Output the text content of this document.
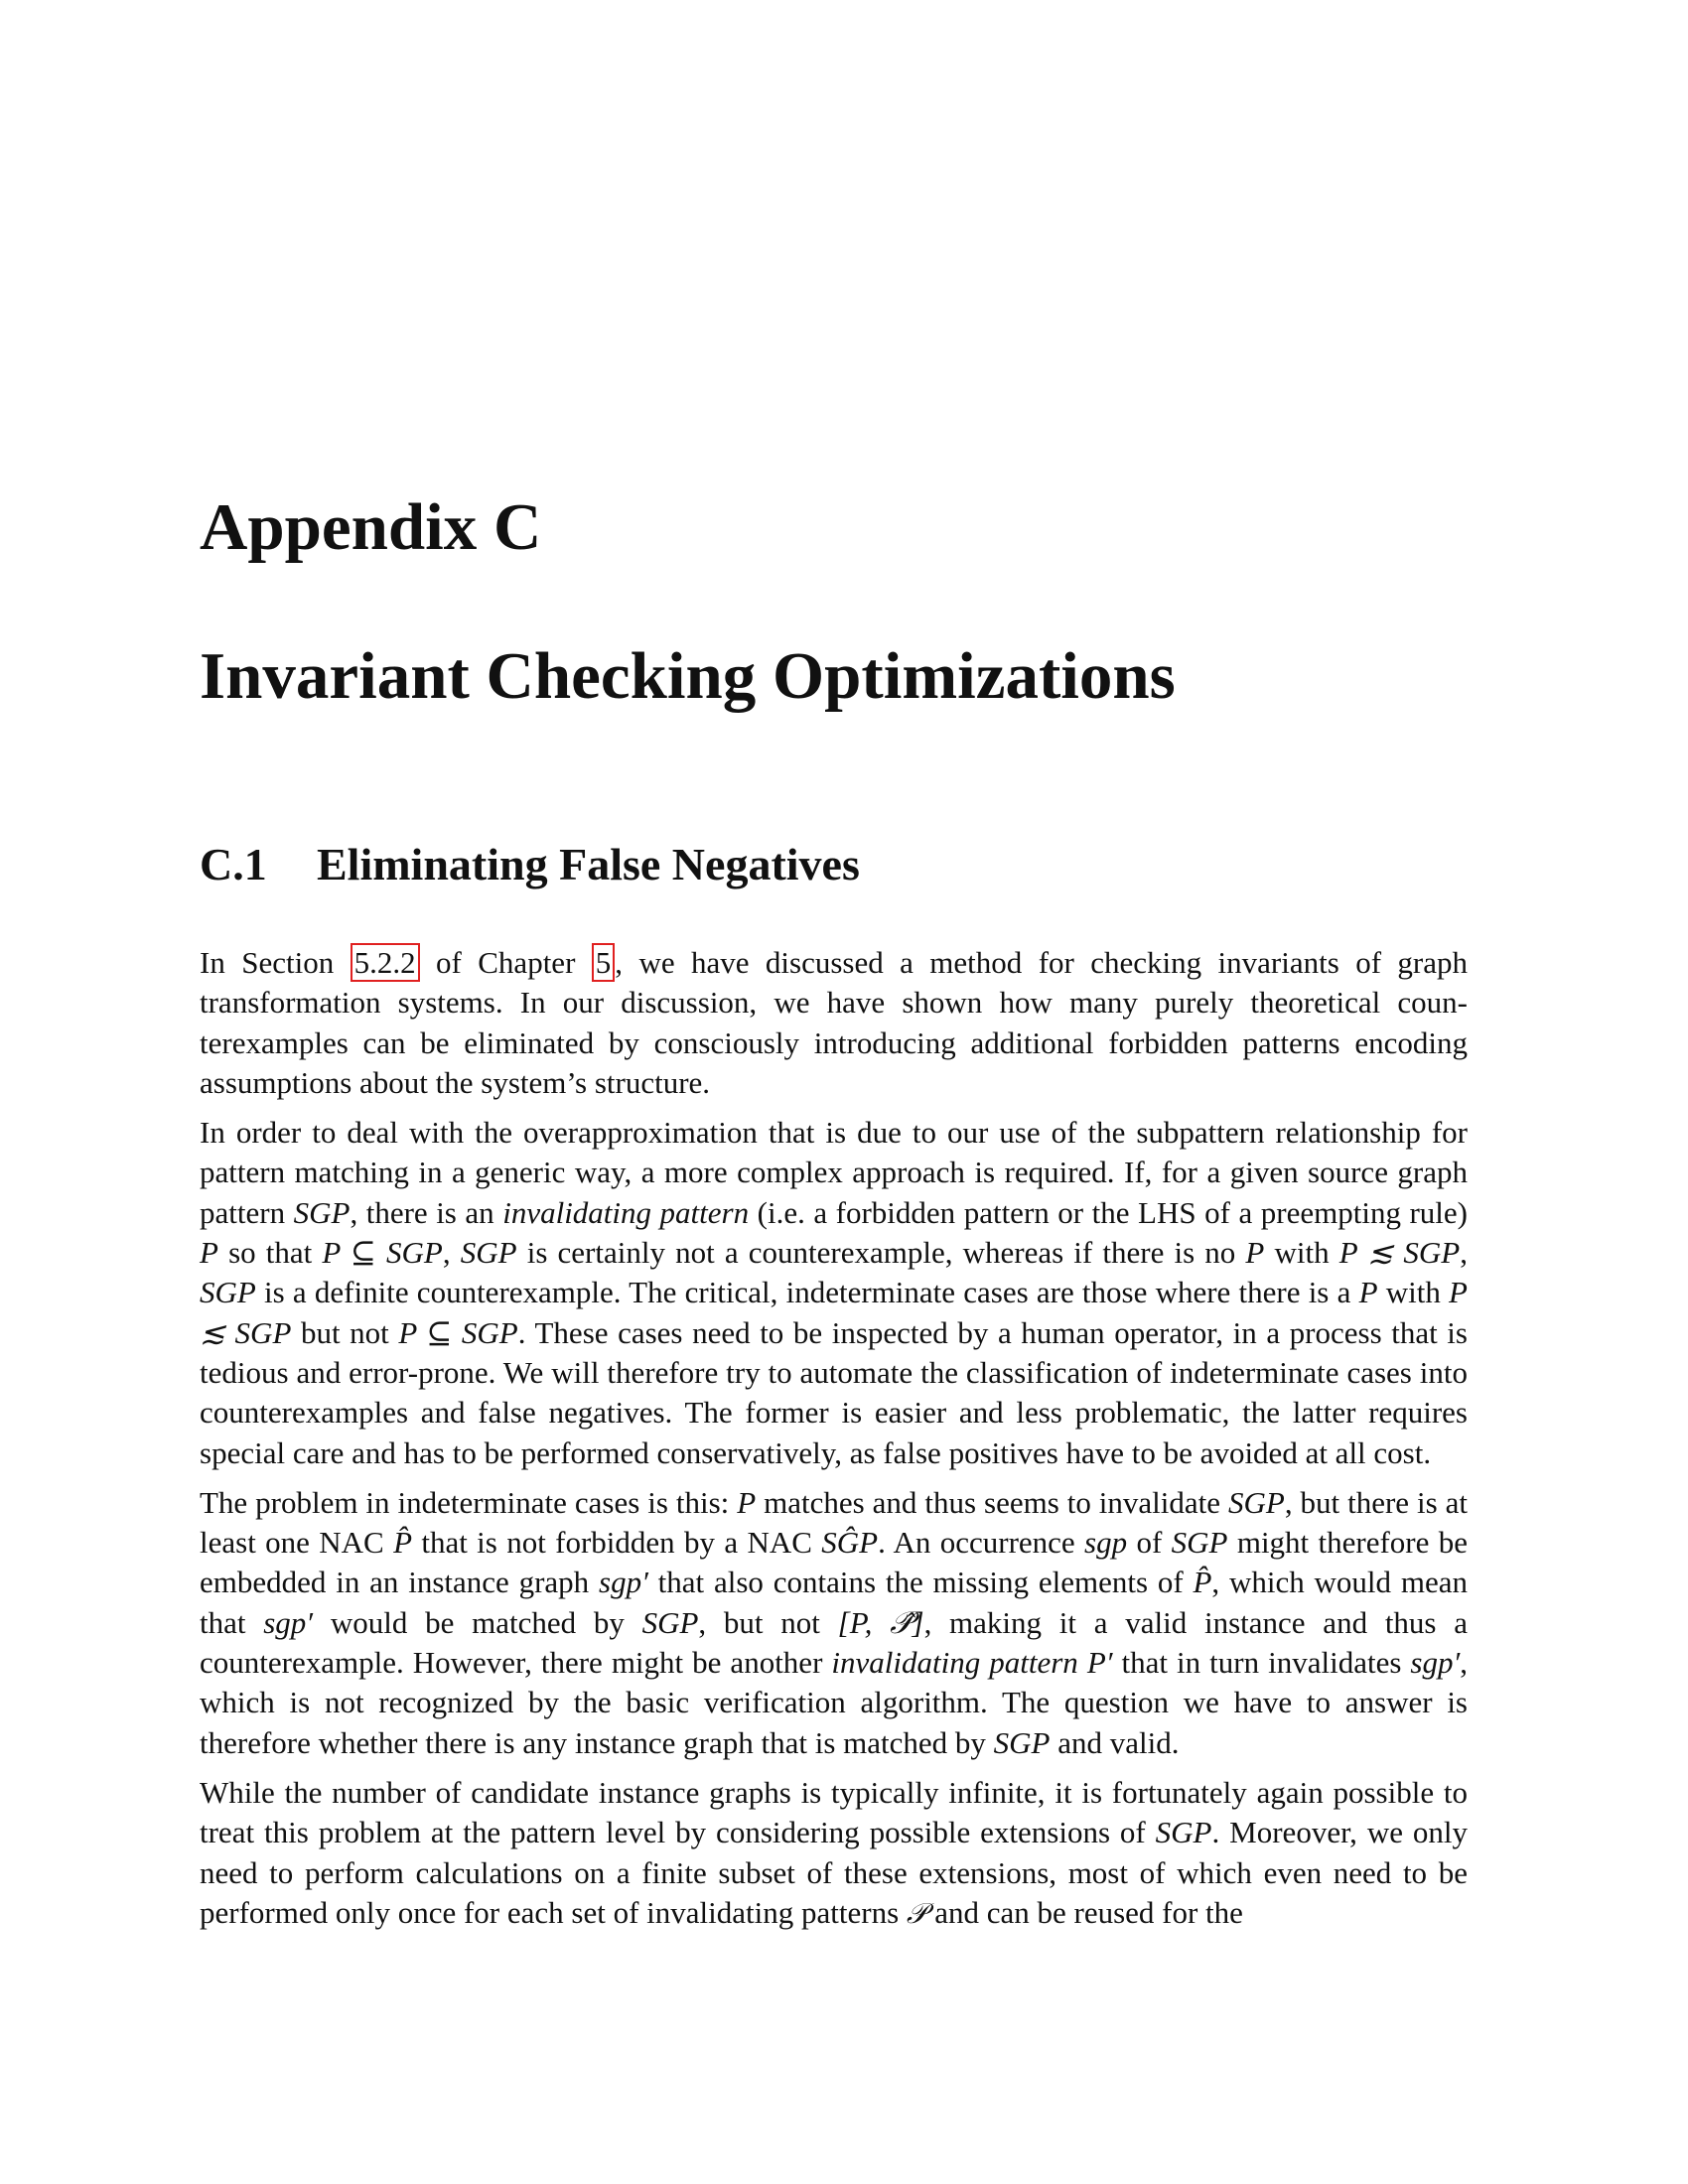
Appendix C
Invariant Checking Optimizations
C.1 Eliminating False Negatives

In Section 5.2.2 of Chapter 5 , we have discussed a method for checking invariants of graph transformation systems. In our discussion, we have shown how many purely theoretical counterexamples can be eliminated by consciously introducing additional forbidden patterns encoding assumptions about the system’s structure.

In order to deal with the overapproximation that is due to our use of the subpattern relationship for pattern matching in a generic way, a more complex approach is required. If, for a given source graph pattern SGP, there is an invalidating pattern (i.e. a forbidden pattern or the LHS of a preempting rule) P so that P ⊆ SGP, SGP is certainly not a counterexample, whereas if there is no P with P ≲ SGP, SGP is a definite counterexample. The critical, indeterminate cases are those where there is a P with P ≲ SGP but not P ⊆ SGP. These cases need to be inspected by a human operator, in a process that is tedious and error-prone. We will therefore try to automate the classification of indeterminate cases into counterexamples and false negatives. The former is easier and less problematic, the latter requires special care and has to be performed conservatively, as false positives have to be avoided at all cost.

The problem in indeterminate cases is this: P matches and thus seems to invalidate SGP, but there is at least one NAC P̂ that is not forbidden by a NAC SĜP. An occurrence sgp of SGP might therefore be embedded in an instance graph sgp′ that also contains the missing elements of P̂, which would mean that sgp′ would be matched by SGP, but not [P, 𝒫̂], making it a valid instance and thus a counterexample. However, there might be another invalidating pattern P′ that in turn invalidates sgp′, which is not recognized by the basic verification algorithm. The question we have to answer is therefore whether there is any instance graph that is matched by SGP and valid.

While the number of candidate instance graphs is typically infinite, it is fortunately again possible to treat this problem at the pattern level by considering possible extensions of SGP. Moreover, we only need to perform calculations on a finite subset of these extensions, most of which even need to be performed only once for each set of invalidating patterns 𝒫 and can be reused for the
